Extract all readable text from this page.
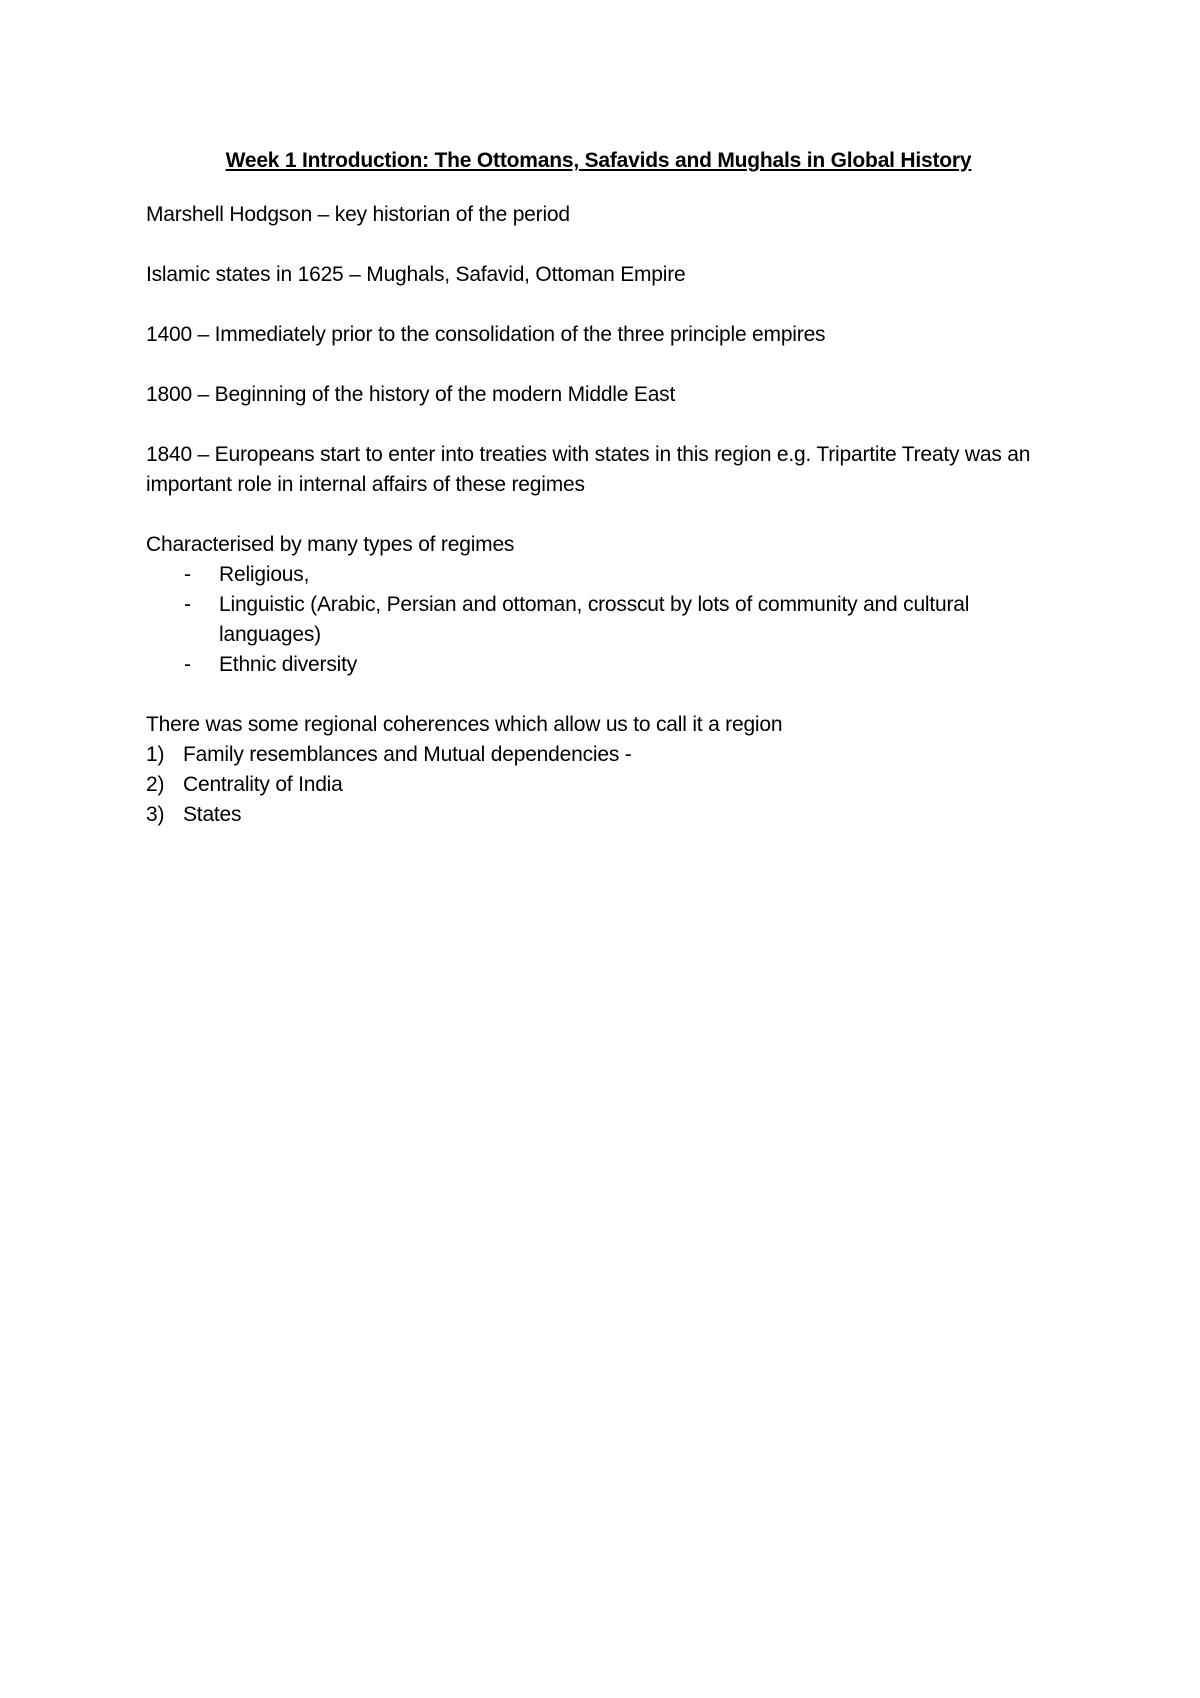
Week 1 Introduction: The Ottomans, Safavids and Mughals in Global History

Marshell Hodgson – key historian of the period

Islamic states in 1625 – Mughals, Safavid, Ottoman Empire

1400 – Immediately prior to the consolidation of the three principle empires

1800 – Beginning of the history of the modern Middle East

1840 – Europeans start to enter into treaties with states in this region e.g. Tripartite Treaty was an important role in internal affairs of these regimes

Characterised by many types of regimes

- Religious,
- Linguistic (Arabic, Persian and ottoman, crosscut by lots of community and cultural languages)
- Ethnic diversity

There was some regional coherences which allow us to call it a region

1) Family resemblances and Mutual dependencies -
2) Centrality of India
3) States
